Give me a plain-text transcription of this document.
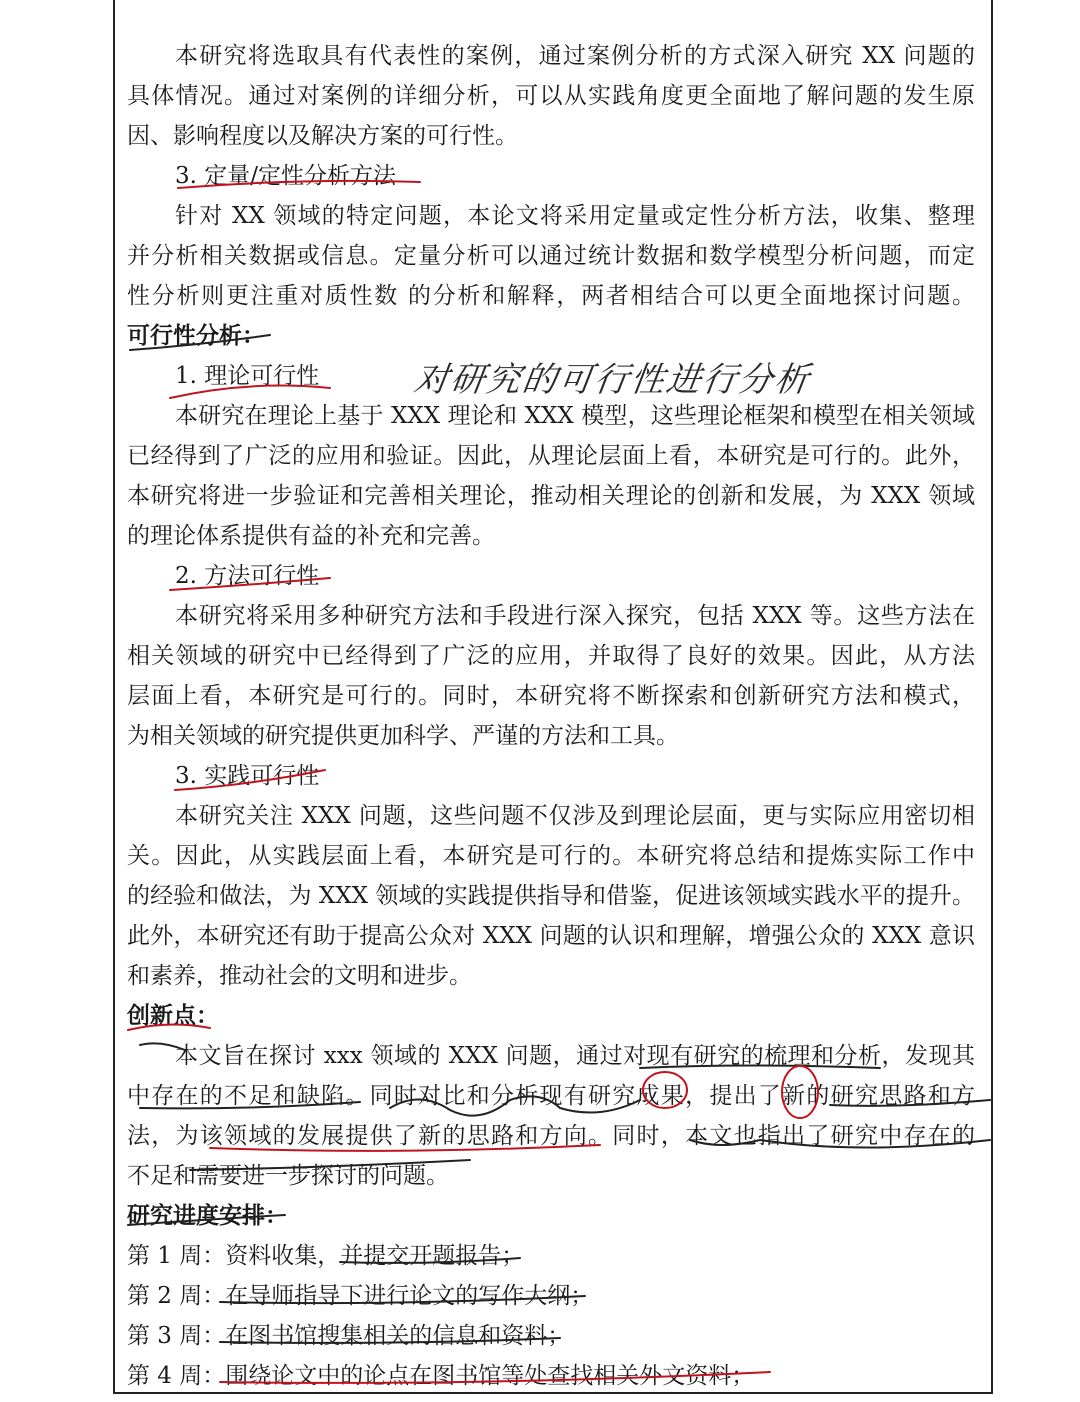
本研究将选取具有代表性的案例，通过案例分析的方式深入研究 XX 问题的
具体情况。通过对案例的详细分析，可以从实践角度更全面地了解问题的发生原
因、影响程度以及解决方案的可行性。
3. 定量/定性分析方法
针对 XX 领域的特定问题，本论文将采用定量或定性分析方法，收集、整理
并分析相关数据或信息。定量分析可以通过统计数据和数学模型分析问题，而定
性分析则更注重对质性数 的分析和解释，两者相结合可以更全面地探讨问题。
可行性分析：
1. 理论可行性
本研究在理论上基于 XXX 理论和 XXX 模型，这些理论框架和模型在相关领域
已经得到了广泛的应用和验证。因此，从理论层面上看，本研究是可行的。此外，
本研究将进一步验证和完善相关理论，推动相关理论的创新和发展，为 XXX 领域
的理论体系提供有益的补充和完善。
2. 方法可行性
本研究将采用多种研究方法和手段进行深入探究，包括 XXX 等。这些方法在
相关领域的研究中已经得到了广泛的应用，并取得了良好的效果。因此，从方法
层面上看，本研究是可行的。同时，本研究将不断探索和创新研究方法和模式，
为相关领域的研究提供更加科学、严谨的方法和工具。
3. 实践可行性
本研究关注 XXX 问题，这些问题不仅涉及到理论层面，更与实际应用密切相
关。因此，从实践层面上看，本研究是可行的。本研究将总结和提炼实际工作中
的经验和做法，为 XXX 领域的实践提供指导和借鉴，促进该领域实践水平的提升。
此外，本研究还有助于提高公众对 XXX 问题的认识和理解，增强公众的 XXX 意识
和素养，推动社会的文明和进步。
创新点：
本文旨在探讨 xxx 领域的 XXX 问题，通过对现有研究的梳理和分析，发现其
中存在的不足和缺陷。同时对比和分析现有研究成果，提出了新的研究思路和方
法，为该领域的发展提供了新的思路和方向。同时，本文也指出了研究中存在的
不足和需要进一步探讨的问题。
研究进度安排：
第 1 周：资料收集，并提交开题报告；
第 2 周：在导师指导下进行论文的写作大纲；
第 3 周：在图书馆搜集相关的信息和资料；
第 4 周：围绕论文中的论点在图书馆等处查找相关外文资料；
对研究的可行性进行分析
